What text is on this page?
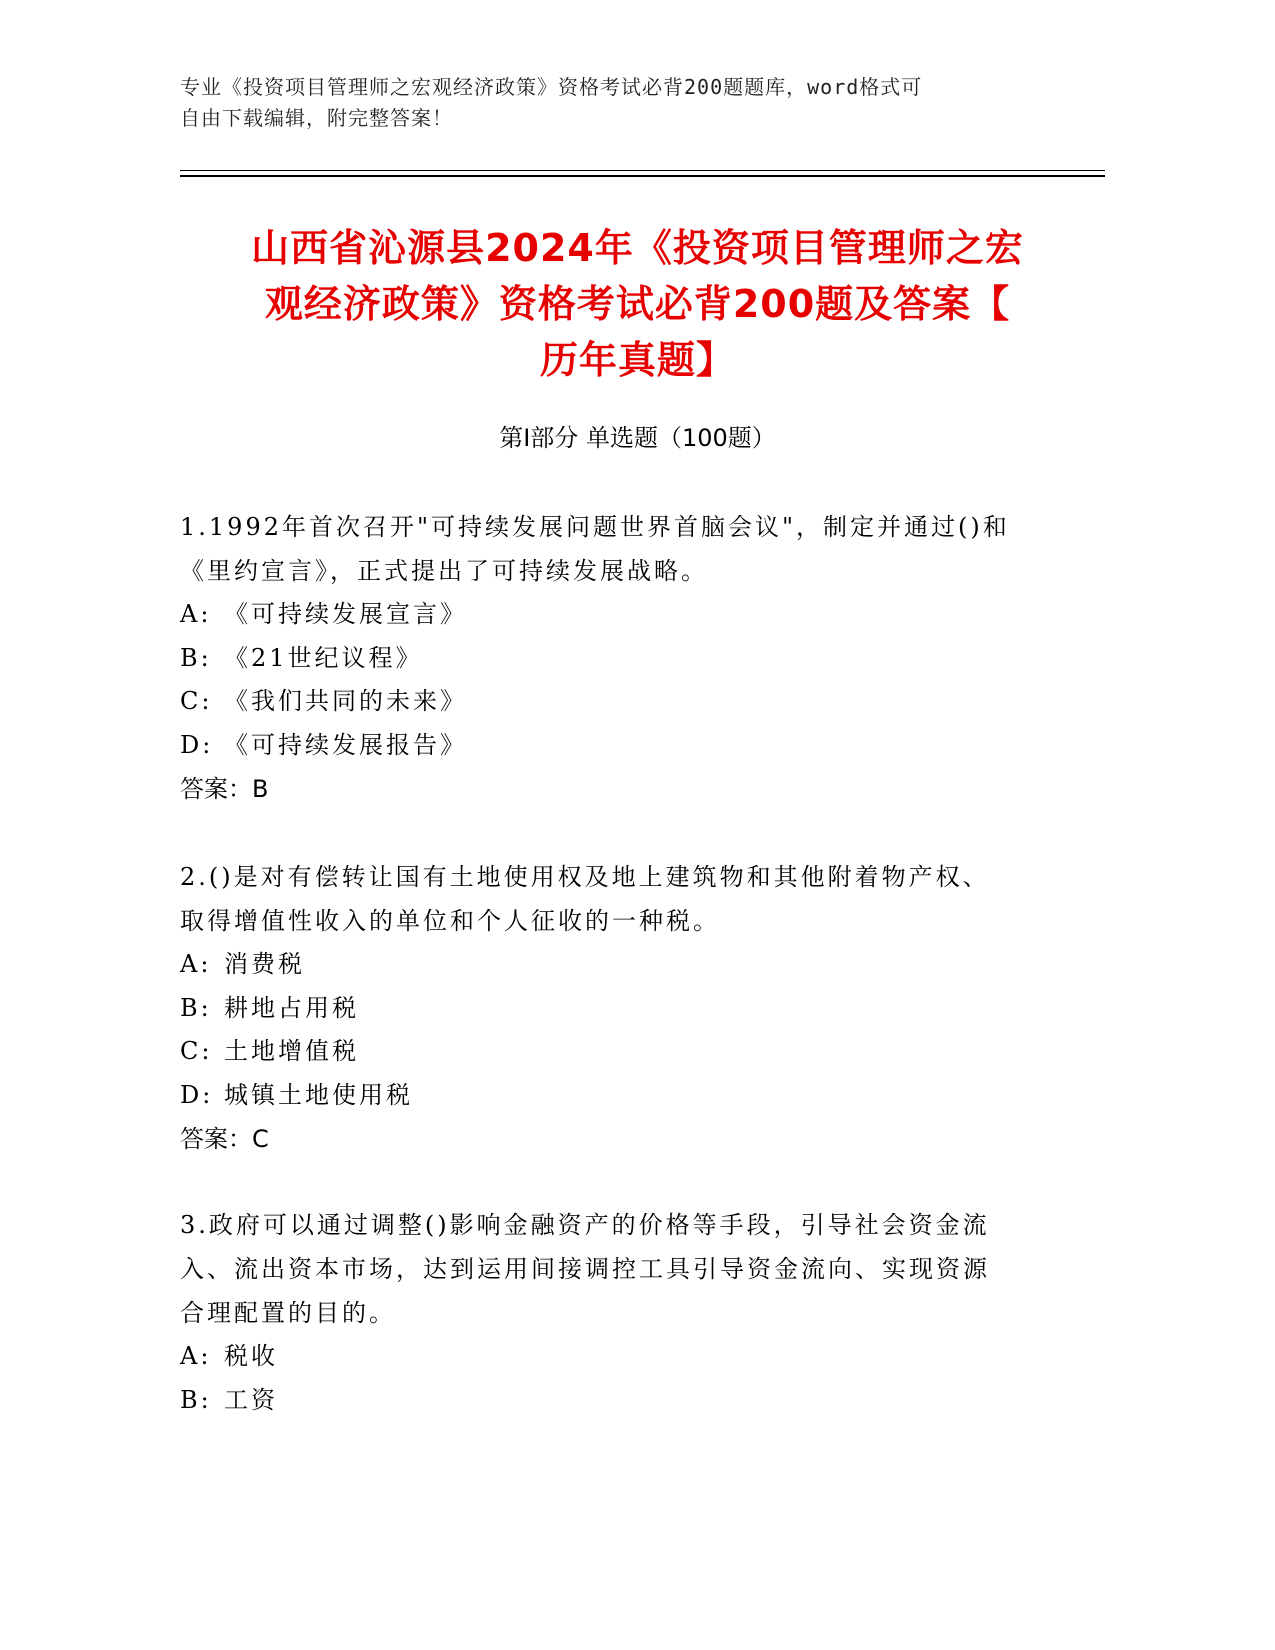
专业《投资项目管理师之宏观经济政策》资格考试必背200题题库，word格式可
自由下载编辑，附完整答案！
山西省沁源县2024年《投资项目管理师之宏
观经济政策》资格考试必背200题及答案【
历年真题】
第Ⅰ部分 单选题（100题）

1.1992年首次召开"可持续发展问题世界首脑会议"，制定并通过()和
《里约宣言》，正式提出了可持续发展战略。

A: 《可持续发展宣言》

B: 《21世纪议程》

C: 《我们共同的未来》

D: 《可持续发展报告》

答案：B

2.()是对有偿转让国有土地使用权及地上建筑物和其他附着物产权、
取得增值性收入的单位和个人征收的一种税。

A: 消费税

B: 耕地占用税

C: 土地增值税

D: 城镇土地使用税

答案：C

3.政府可以通过调整()影响金融资产的价格等手段，引导社会资金流
入、流出资本市场，达到运用间接调控工具引导资金流向、实现资源
合理配置的目的。

A: 税收

B: 工资
